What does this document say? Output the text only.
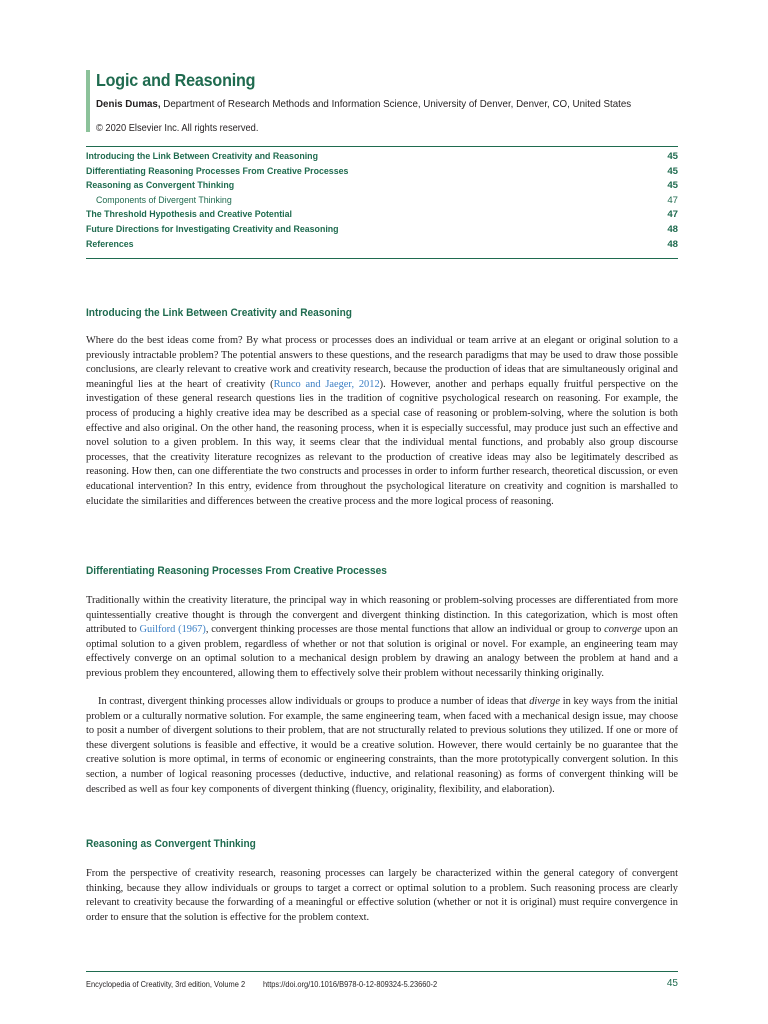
Logic and Reasoning
Denis Dumas, Department of Research Methods and Information Science, University of Denver, Denver, CO, United States
© 2020 Elsevier Inc. All rights reserved.
Introducing the Link Between Creativity and Reasoning	45
Differentiating Reasoning Processes From Creative Processes	45
Reasoning as Convergent Thinking	45
Components of Divergent Thinking	47
The Threshold Hypothesis and Creative Potential	47
Future Directions for Investigating Creativity and Reasoning	48
References	48
Introducing the Link Between Creativity and Reasoning

Where do the best ideas come from? By what process or processes does an individual or team arrive at an elegant or original solution to a previously intractable problem? The potential answers to these questions, and the research paradigms that may be used to draw those possible conclusions, are clearly relevant to creative work and creativity research, because the production of ideas that are simultaneously original and meaningful lies at the heart of creativity (Runco and Jaeger, 2012). However, another and perhaps equally fruitful perspective on the investigation of these general research questions lies in the tradition of cognitive psychological research on reasoning. For example, the process of producing a highly creative idea may be described as a special case of reasoning or problem-solving, where the solution is both effective and also original. On the other hand, the reasoning process, when it is especially successful, may produce just such an effective and novel solution to a given problem. In this way, it seems clear that the individual mental functions, and probably also group discourse processes, that the creativity literature recognizes as relevant to the production of creative ideas may also be legitimately described as reasoning. How then, can one differentiate the two constructs and processes in order to inform further research, theoretical discussion, or even educational intervention? In this entry, evidence from throughout the psychological literature on creativity and cognition is marshalled to elucidate the similarities and differences between the creative process and the more logical process of reasoning.

Differentiating Reasoning Processes From Creative Processes

Traditionally within the creativity literature, the principal way in which reasoning or problem-solving processes are differentiated from more quintessentially creative thought is through the convergent and divergent thinking distinction. In this categorization, which is most often attributed to Guilford (1967), convergent thinking processes are those mental functions that allow an individual or group to converge upon an optimal solution to a given problem, regardless of whether or not that solution is original or novel. For example, an engineering team may effectively converge on an optimal solution to a mechanical design problem by drawing an analogy between the problem at hand and a previous problem they encountered, allowing them to effectively solve their problem without necessarily thinking originally.

In contrast, divergent thinking processes allow individuals or groups to produce a number of ideas that diverge in key ways from the initial problem or a culturally normative solution. For example, the same engineering team, when faced with a mechanical design issue, may choose to posit a number of divergent solutions to their problem, that are not structurally related to previous solutions they utilized. If one or more of these divergent solutions is feasible and effective, it would be a creative solution. However, there would certainly be no guarantee that the creative solution is more optimal, in terms of economic or engineering constraints, than the more prototypically convergent solution. In this section, a number of logical reasoning processes (deductive, inductive, and relational reasoning) as forms of convergent thinking will be described as well as four key components of divergent thinking (fluency, originality, flexibility, and elaboration).

Reasoning as Convergent Thinking

From the perspective of creativity research, reasoning processes can largely be characterized within the general category of convergent thinking, because they allow individuals or groups to target a correct or optimal solution to a problem. Such reasoning process are clearly relevant to creativity because the forwarding of a meaningful or effective solution (whether or not it is original) must require convergence in order to ensure that the solution is effective for the problem context.

Encyclopedia of Creativity, 3rd edition, Volume 2 https://doi.org/10.1016/B978-0-12-809324-5.23660-2	45
